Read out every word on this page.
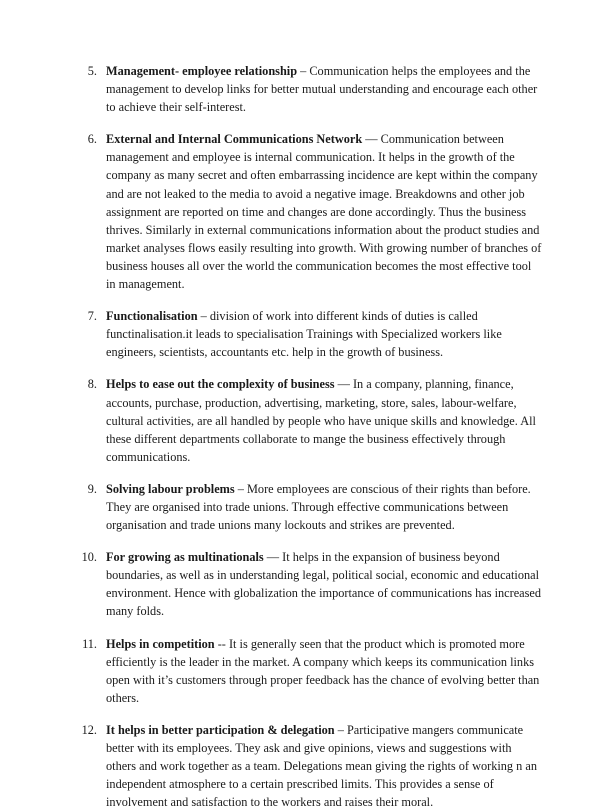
5. Management- employee relationship – Communication helps the employees and the management to develop links for better mutual understanding and encourage each other to achieve their self-interest.
6. External and Internal Communications Network — Communication between management and employee is internal communication. It helps in the growth of the company as many secret and often embarrassing incidence are kept within the company and are not leaked to the media to avoid a negative image. Breakdowns and other job assignment are reported on time and changes are done accordingly. Thus the business thrives. Similarly in external communications information about the product studies and market analyses flows easily resulting into growth. With growing number of branches of business houses all over the world the communication becomes the most effective tool in management.
7. Functionalisation – division of work into different kinds of duties is called functinalisation.it leads to specialisation Trainings with Specialized workers like engineers, scientists, accountants etc. help in the growth of business.
8. Helps to ease out the complexity of business — In a company, planning, finance, accounts, purchase, production, advertising, marketing, store, sales, labour-welfare, cultural activities, are all handled by people who have unique skills and knowledge. All these different departments collaborate to mange the business effectively through communications.
9. Solving labour problems – More employees are conscious of their rights than before. They are organised into trade unions. Through effective communications between organisation and trade unions many lockouts and strikes are prevented.
10. For growing as multinationals — It helps in the expansion of business beyond boundaries, as well as in understanding legal, political social, economic and educational environment. Hence with globalization the importance of communications has increased many folds.
11. Helps in competition -- It is generally seen that the product which is promoted more efficiently is the leader in the market. A company which keeps its communication links open with it’s customers through proper feedback has the chance of evolving better than others.
12. It helps in better participation & delegation – Participative mangers communicate better with its employees. They ask and give opinions, views and suggestions with others and work together as a team. Delegations mean giving the rights of working n an independent atmosphere to a certain prescribed limits. This provides a sense of involvement and satisfaction to the workers and raises their moral.
